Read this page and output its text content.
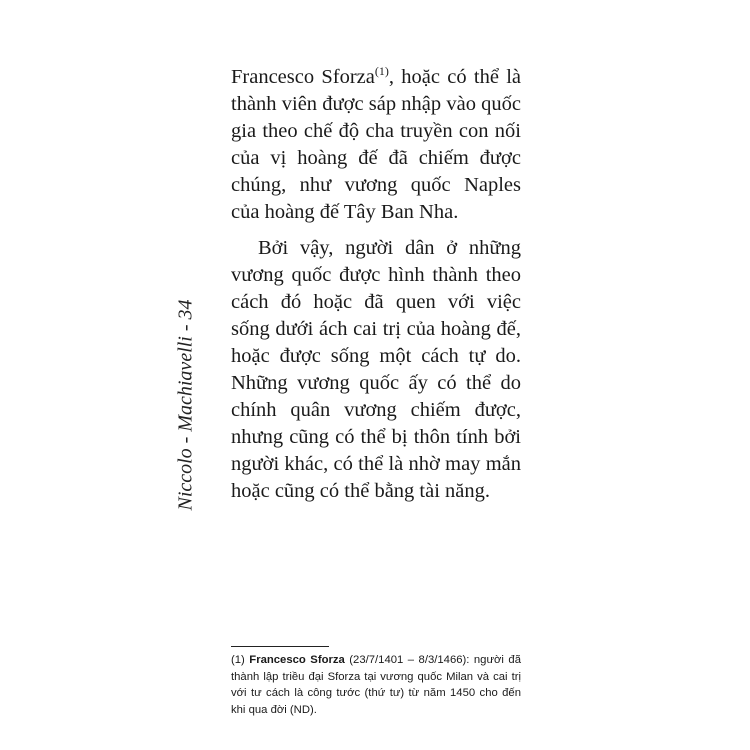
Niccolo - Machiavelli - 34

Francesco Sforza$^{(1)}$, hoặc có thể là thành viên được sáp nhập vào quốc gia theo chế độ cha truyền con nối của vị hoàng đế đã chiếm được chúng, như vương quốc Naples của hoàng đế Tây Ban Nha.

Bởi vậy, người dân ở những vương quốc được hình thành theo cách đó hoặc đã quen với việc sống dưới ách cai trị của hoàng đế, hoặc được sống một cách tự do. Những vương quốc ấy có thể do chính quân vương chiếm được, nhưng cũng có thể bị thôn tính bởi người khác, có thể là nhờ may mắn hoặc cũng có thể bằng tài năng.

(1) Francesco Sforza (23/7/1401 – 8/3/1466): người đã thành lập triều đại Sforza tại vương quốc Milan và cai trị với tư cách là công tước (thứ tư) từ năm 1450 cho đến khi qua đời (ND).
